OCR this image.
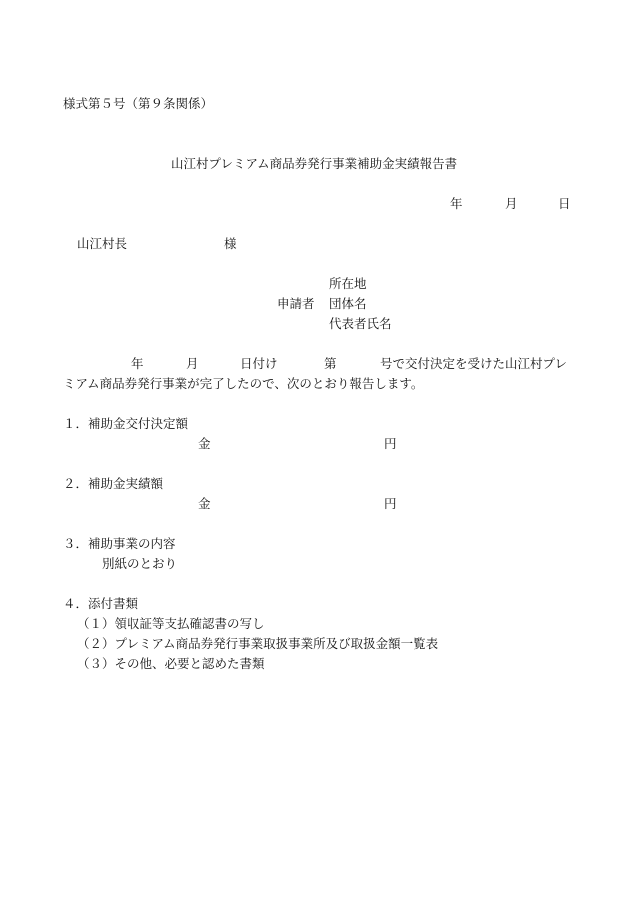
様式第５号（第９条関係）
山江村プレミアム商品券発行事業補助金実績報告書
年	月	日
山江村長	様
所在地
申請者 団体名
代表者氏名
年	月	日付け	第	号で交付決定を受けた山江村プレ
ミアム商品券発行事業が完了したので、次のとおり報告します。
１．補助金交付決定額
金	円
２．補助金実績額
金	円
３．補助事業の内容
別紙のとおり
４．添付書類
（１）領収証等支払確認書の写し
（２）プレミアム商品券発行事業取扱事業所及び取扱金額一覧表
（３）その他、必要と認めた書類
